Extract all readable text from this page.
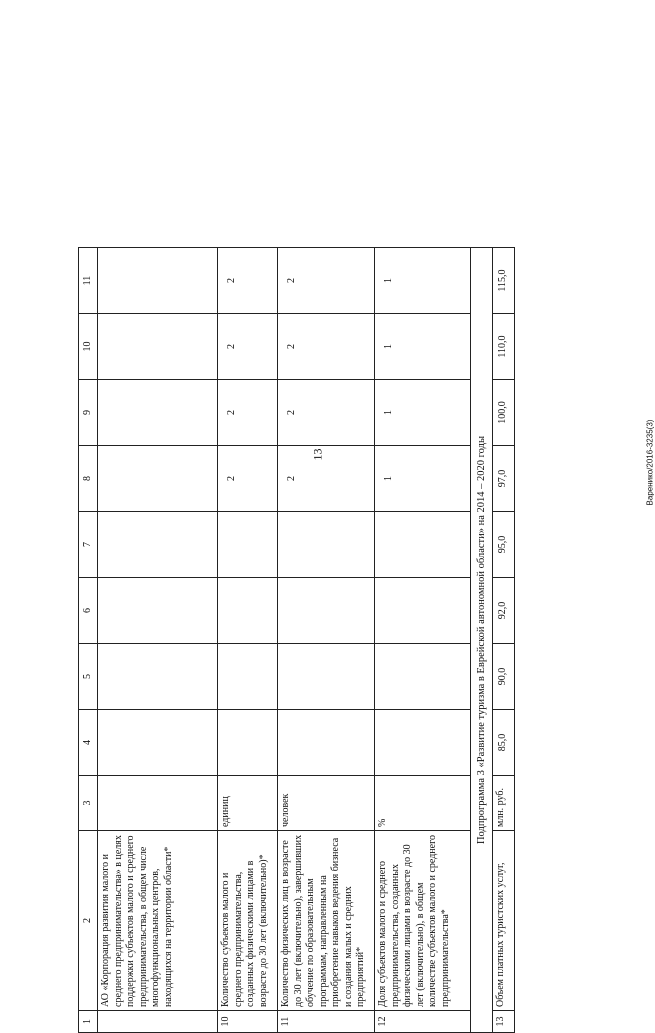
13	Варенико/2016-3235(3)
1	2	3	4	5	6	7	8	9	10	11
	АО «Корпорация развития малого и среднего предпринимательства» в целях поддержки субъектов малого и среднего предпринимательства, в общем числе многофункциональных центров, находящихся на территории области*									
10	Количество субъектов малого и среднего предпринимательства, созданных физическими лицами в возрасте до 30 лет (включительно)*	единиц					2	2	2	2
11	Количество физических лиц в возрасте до 30 лет (включительно), завершивших обучение по образовательным программам, направленным на приобретение навыков ведения бизнеса и создания малых и средних предприятий*	человек					2	2	2	2
12	Доля субъектов малого и среднего предпринимательства, созданных физическими лицами в возрасте до 30 лет (включительно), в общем количестве субъектов малого и среднего предпринимательства*	%					1	1	1	1
Подпрограмма 3 «Развитие туризма в Еврейской автономной области» на 2014 – 2020 годы										
13	Объем платных туристских услуг,	млн. руб.	85,0	90,0	92,0	95,0	97,0	100,0	110,0	115,0
